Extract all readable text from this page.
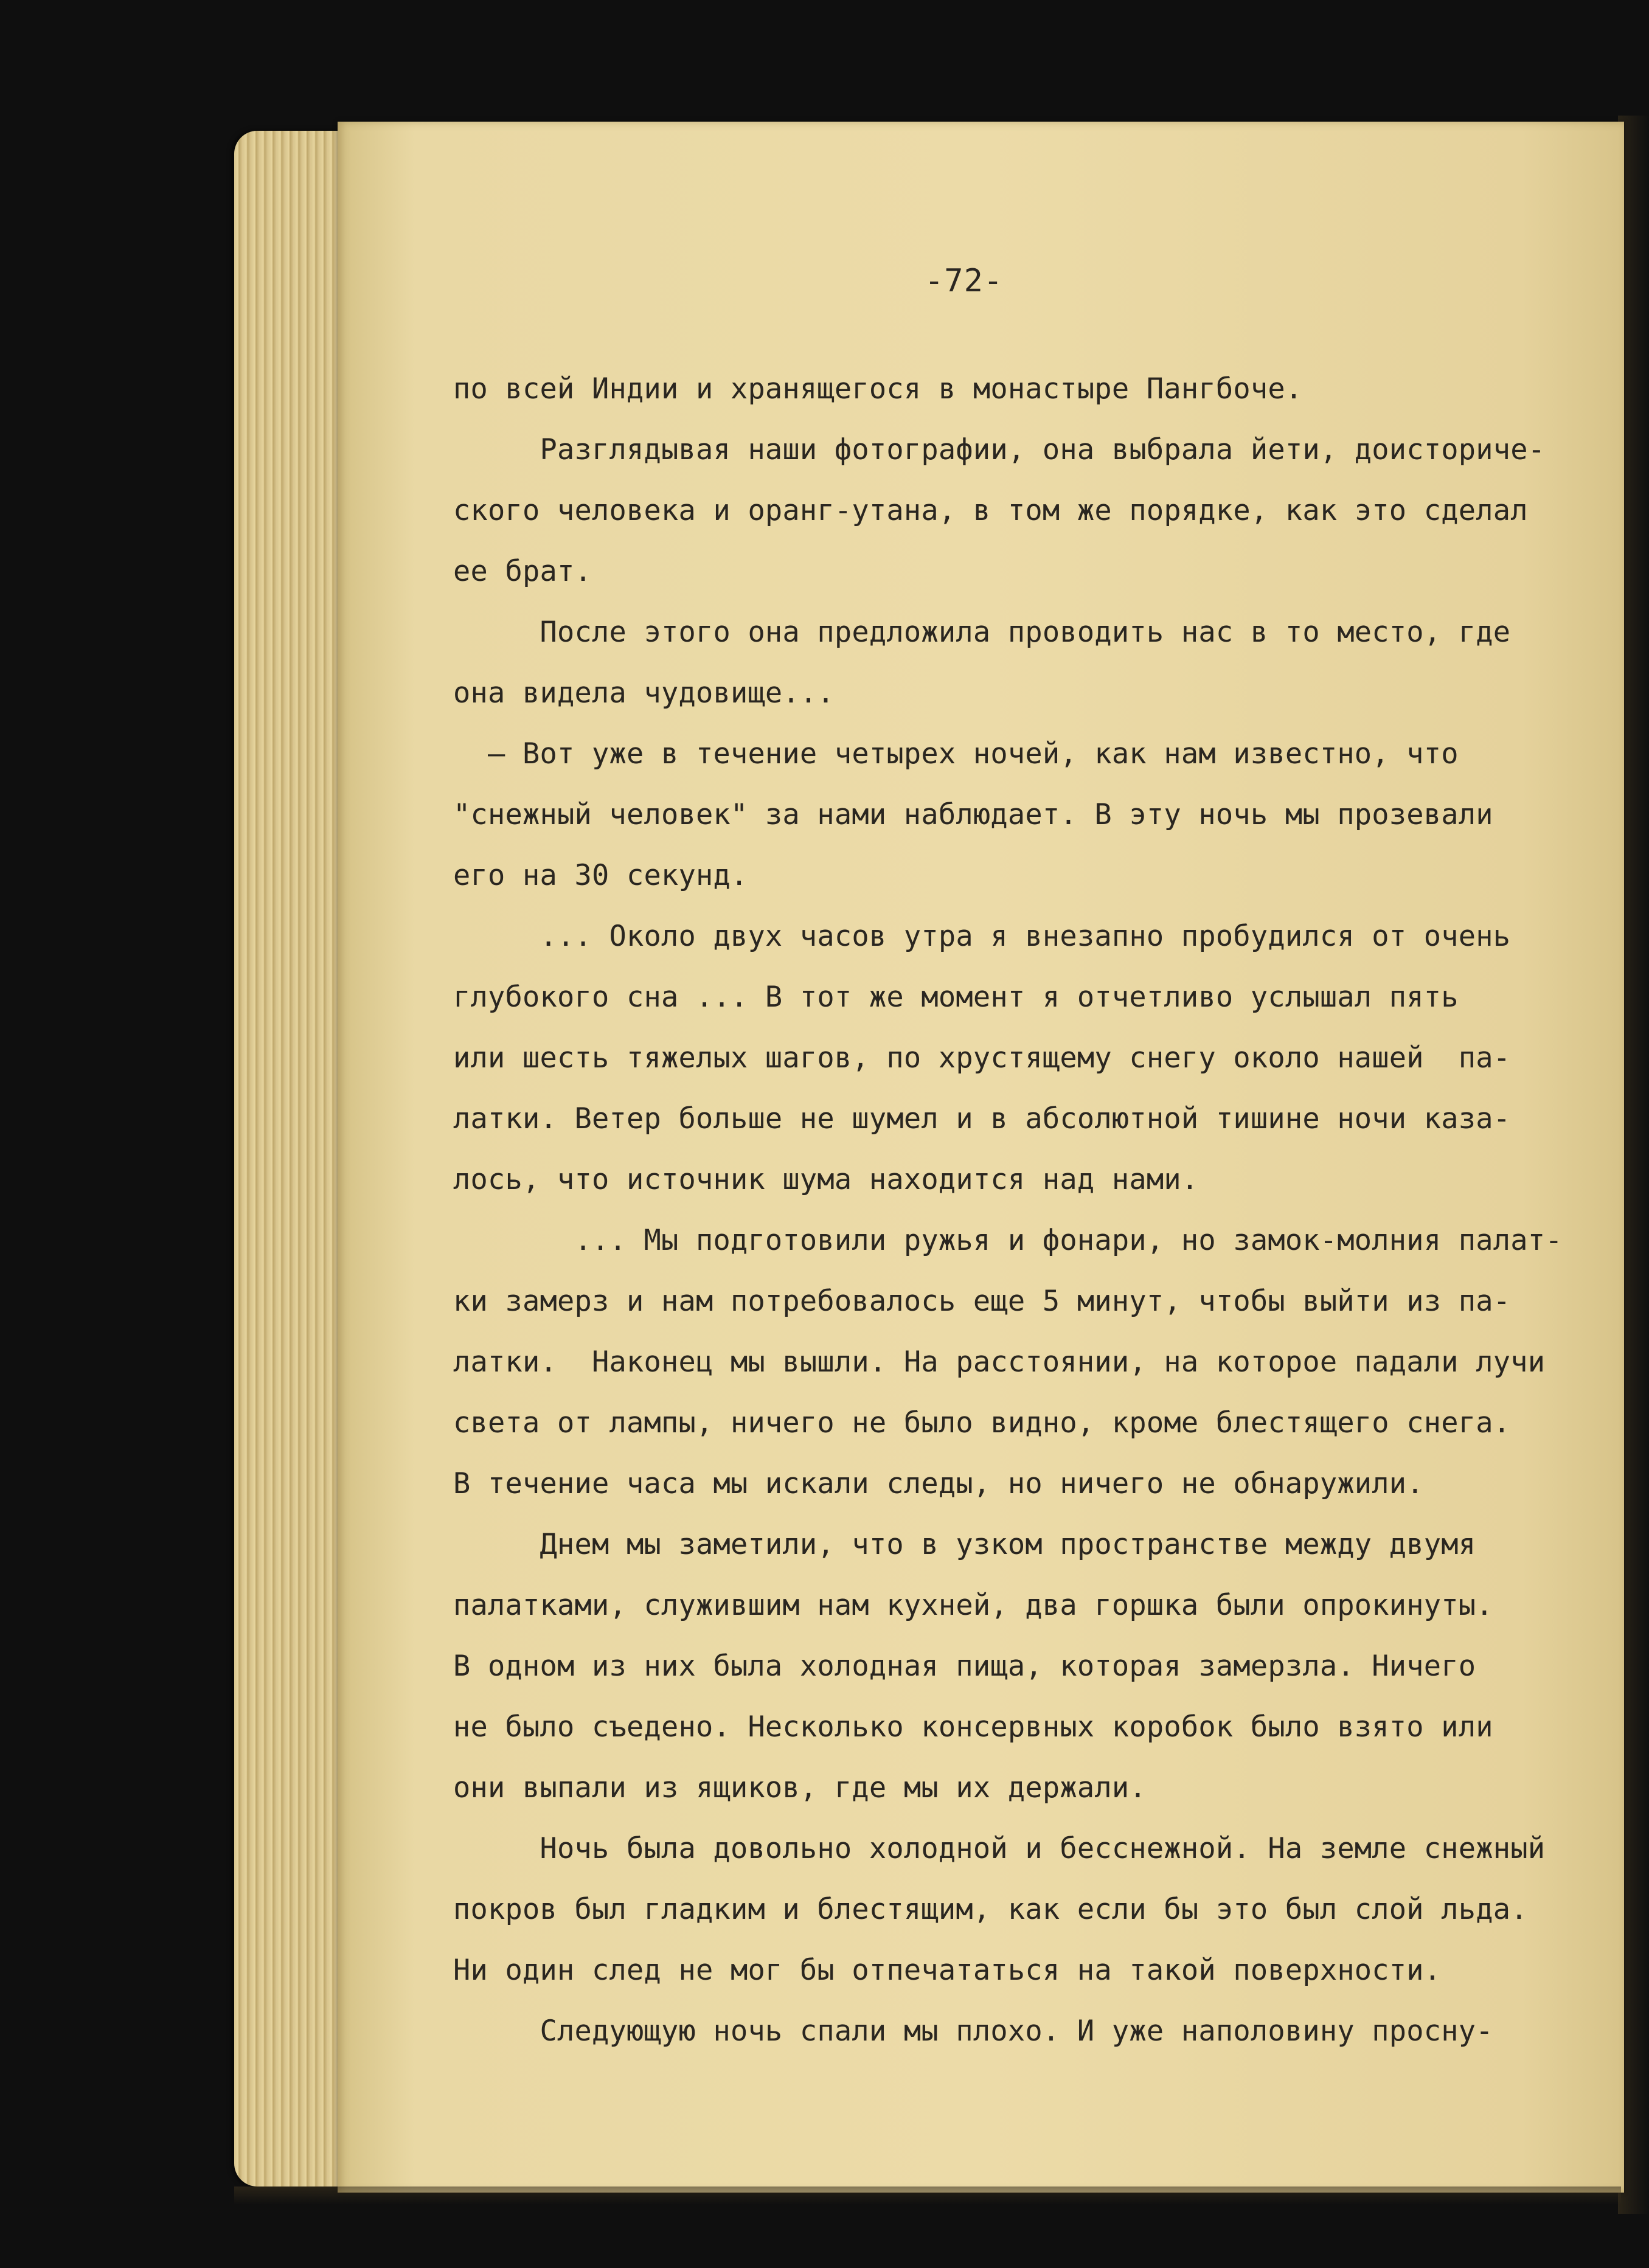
-72-
по всей Индии и хранящегося в монастыре Пангбоче.
Разглядывая наши фотографии, она выбрала йети, доисториче-
ского человека и оранг-утана, в том же порядке, как это сделал
ее брат.
После этого она предложила проводить нас в то место, где
она видела чудовище...
— Вот уже в течение четырех ночей, как нам известно, что
"снежный человек" за нами наблюдает. В эту ночь мы прозевали
его на 30 секунд.
... Около двух часов утра я внезапно пробудился от очень
глубокого сна ... В тот же момент я отчетливо услышал пять
или шесть тяжелых шагов, по хрустящему снегу около нашей  па-
латки. Ветер больше не шумел и в абсолютной тишине ночи каза-
лось, что источник шума находится над нами.
... Мы подготовили ружья и фонари, но замок-молния палат-
ки замерз и нам потребовалось еще 5 минут, чтобы выйти из па-
латки.  Наконец мы вышли. На расстоянии, на которое падали лучи
света от лампы, ничего не было видно, кроме блестящего снега.
В течение часа мы искали следы, но ничего не обнаружили.
Днем мы заметили, что в узком пространстве между двумя
палатками, служившим нам кухней, два горшка были опрокинуты.
В одном из них была холодная пища, которая замерзла. Ничего
не было съедено. Несколько консервных коробок было взято или
они выпали из ящиков, где мы их держали.
Ночь была довольно холодной и бесснежной. На земле снежный
покров был гладким и блестящим, как если бы это был слой льда.
Ни один след не мог бы отпечататься на такой поверхности.
Следующую ночь спали мы плохо. И уже наполовину просну-
